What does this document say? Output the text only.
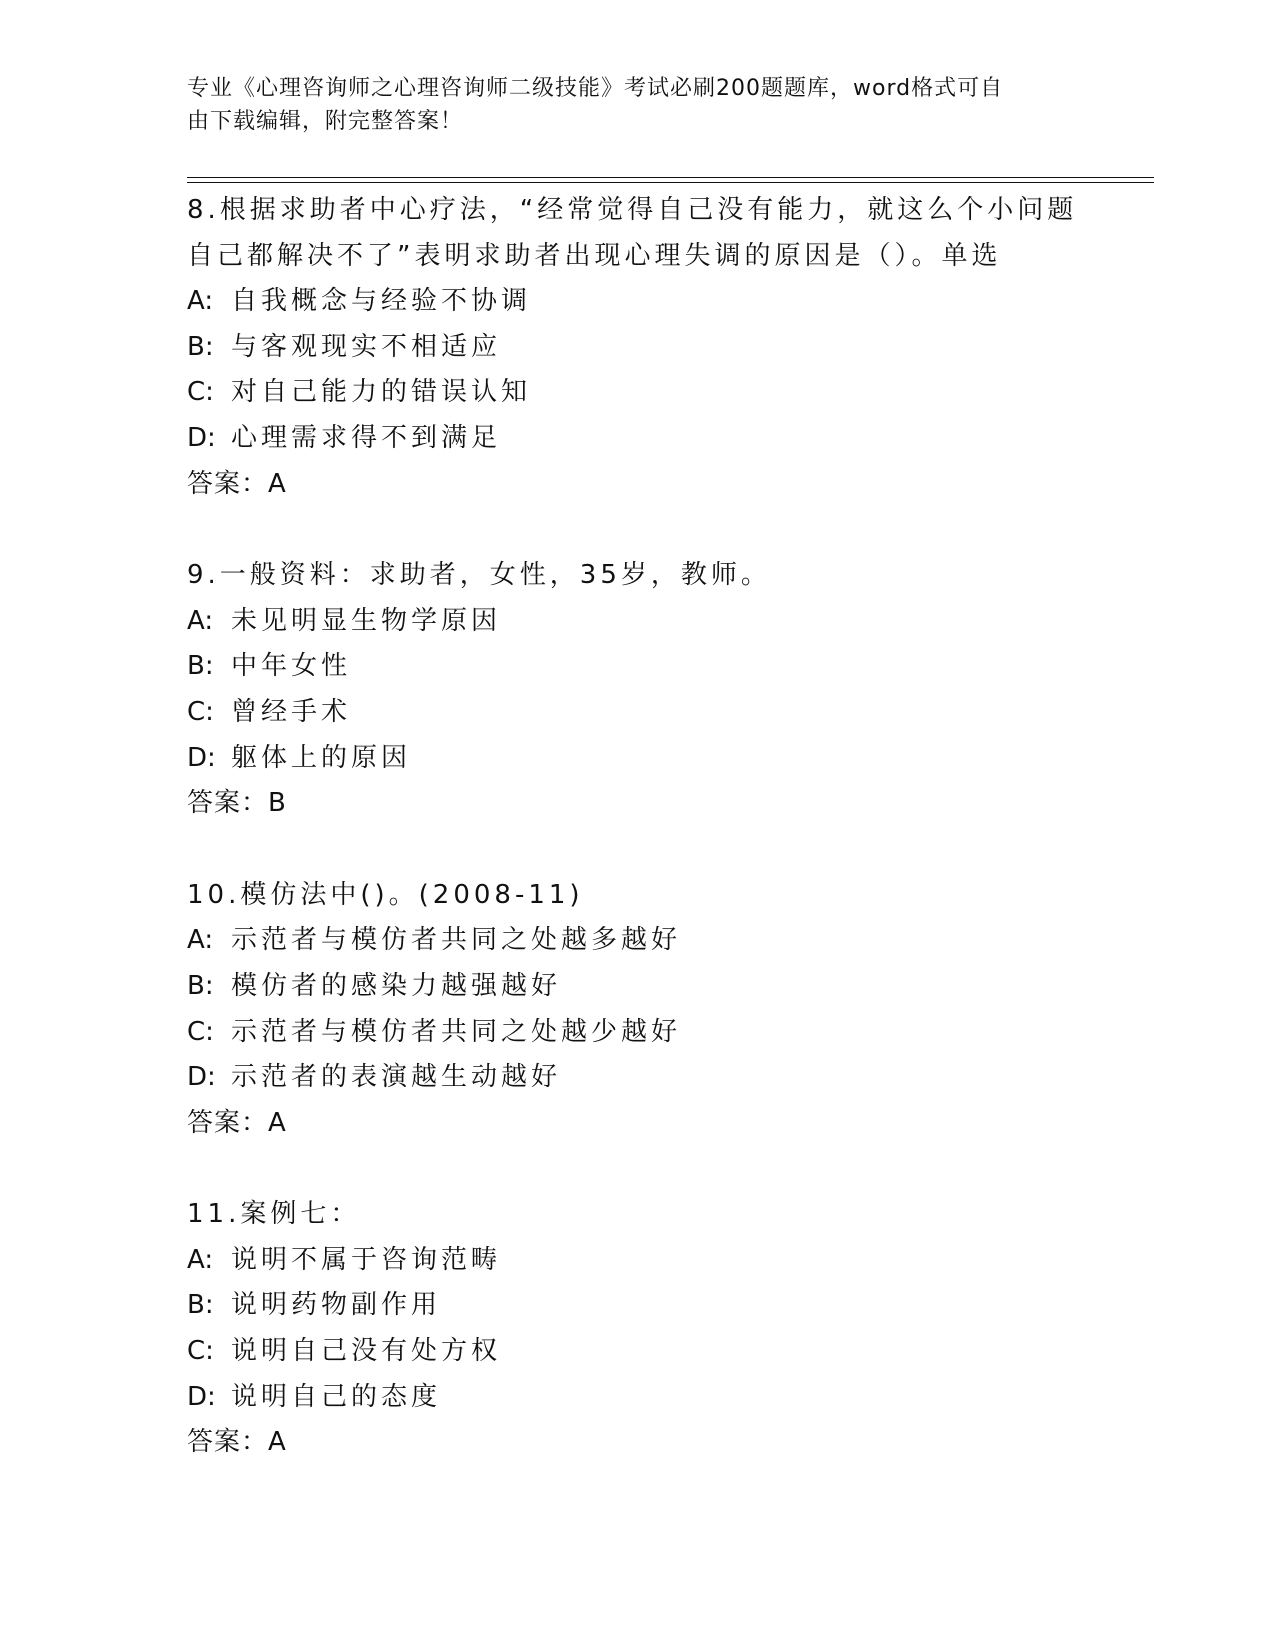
专业《心理咨询师之心理咨询师二级技能》考试必刷200题题库，word格式可自
由下载编辑，附完整答案！
8.根据求助者中心疗法，“经常觉得自己没有能力，就这么个小问题
自己都解决不了”表明求助者出现心理失调的原因是（）。单选
A: 自我概念与经验不协调
B: 与客观现实不相适应
C: 对自己能力的错误认知
D: 心理需求得不到满足
答案：A
9.一般资料：求助者，女性，35岁，教师。
A: 未见明显生物学原因
B: 中年女性
C: 曾经手术
D: 躯体上的原因
答案：B
10.模仿法中()。(2008-11)
A: 示范者与模仿者共同之处越多越好
B: 模仿者的感染力越强越好
C: 示范者与模仿者共同之处越少越好
D: 示范者的表演越生动越好
答案：A
11.案例七：
A: 说明不属于咨询范畴
B: 说明药物副作用
C: 说明自己没有处方权
D: 说明自己的态度
答案：A
